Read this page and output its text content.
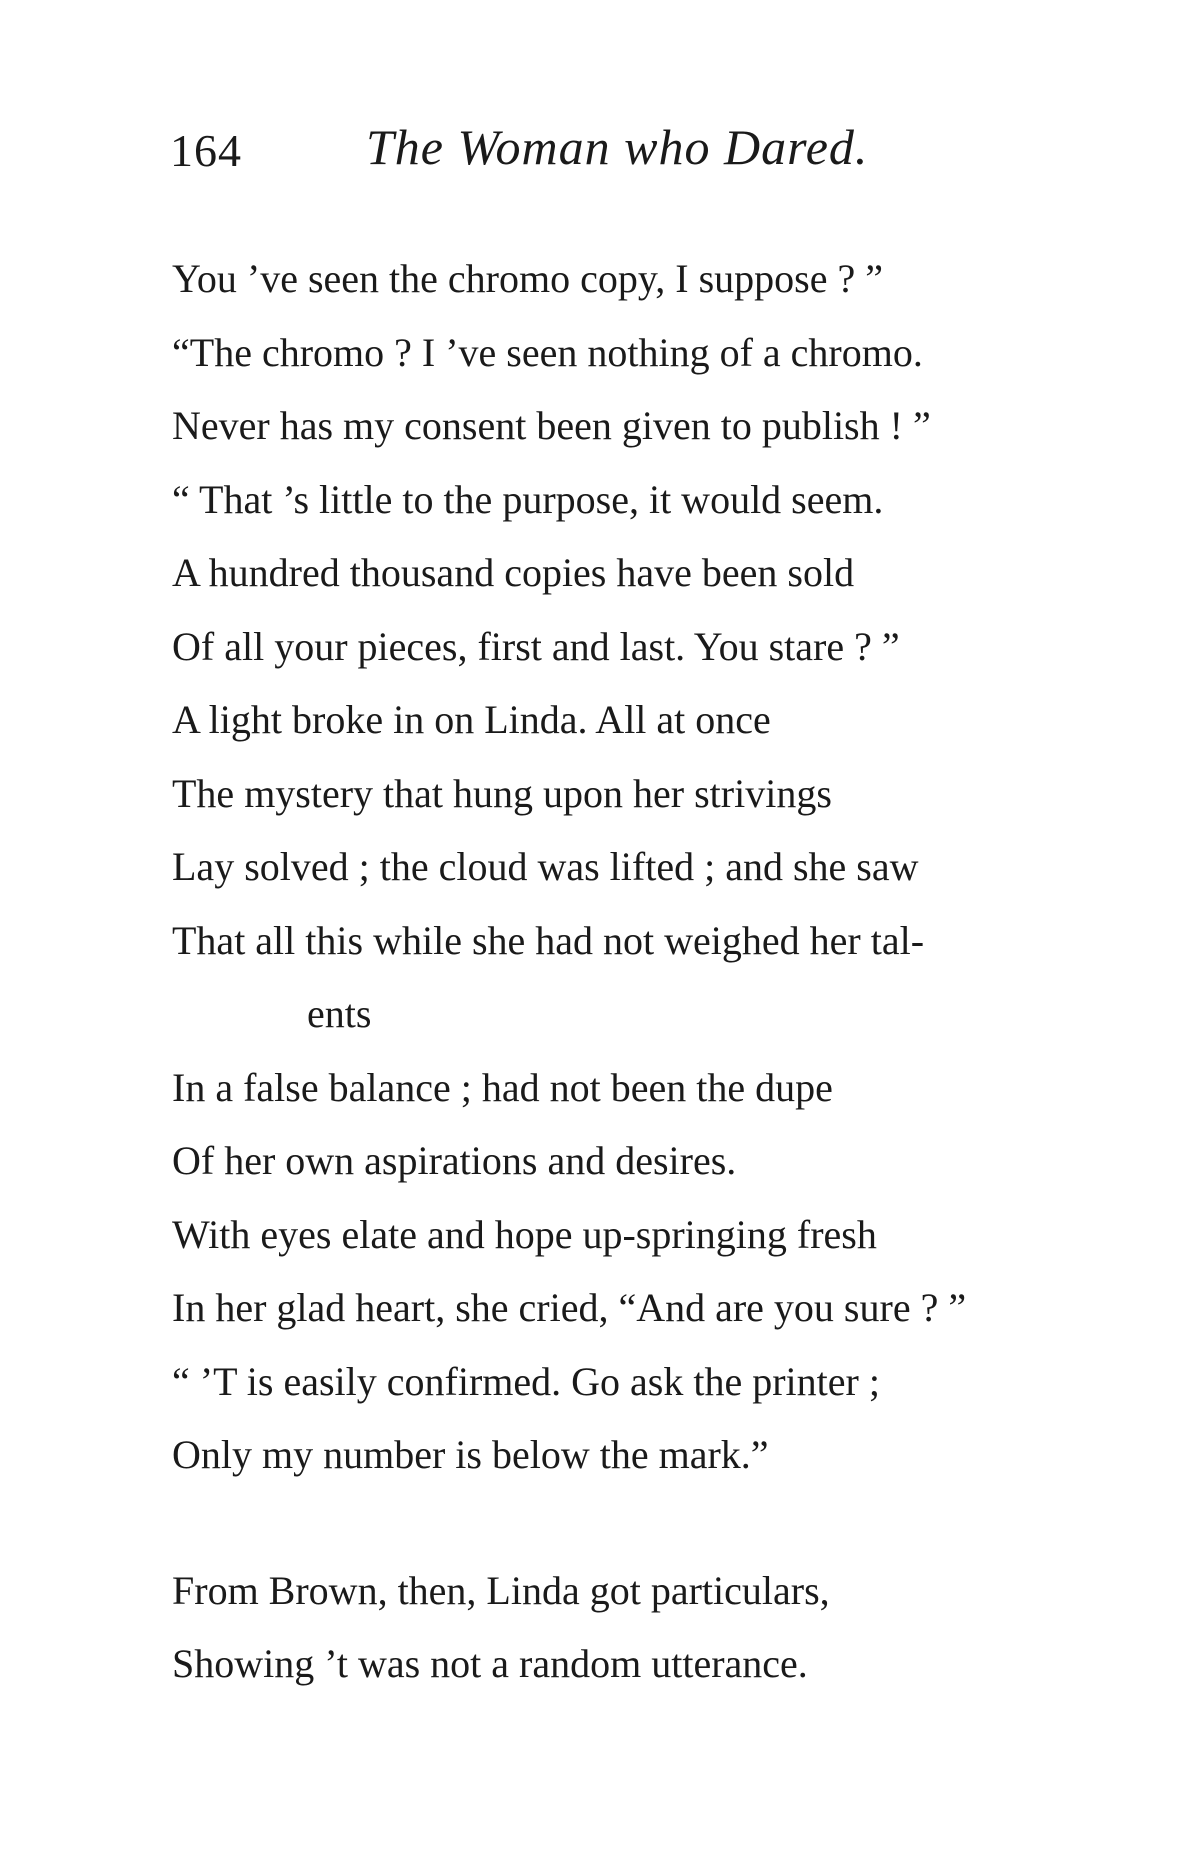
164 The Woman who Dared.
You ’ve seen the chromo copy, I suppose ? ”
“The chromo ? I ’ve seen nothing of a chromo.
Never has my consent been given to publish ! ”
“ That ’s little to the purpose, it would seem.
A hundred thousand copies have been sold
Of all your pieces, first and last. You stare ? ”
A light broke in on Linda. All at once
The mystery that hung upon her strivings
Lay solved ; the cloud was lifted ; and she saw
That all this while she had not weighed her tal-
ents
In a false balance ; had not been the dupe
Of her own aspirations and desires.
With eyes elate and hope up-springing fresh
In her glad heart, she cried, “And are you sure ? ”
“ ’T is easily confirmed. Go ask the printer ;
Only my number is below the mark.”
From Brown, then, Linda got particulars,
Showing ’t was not a random utterance.
